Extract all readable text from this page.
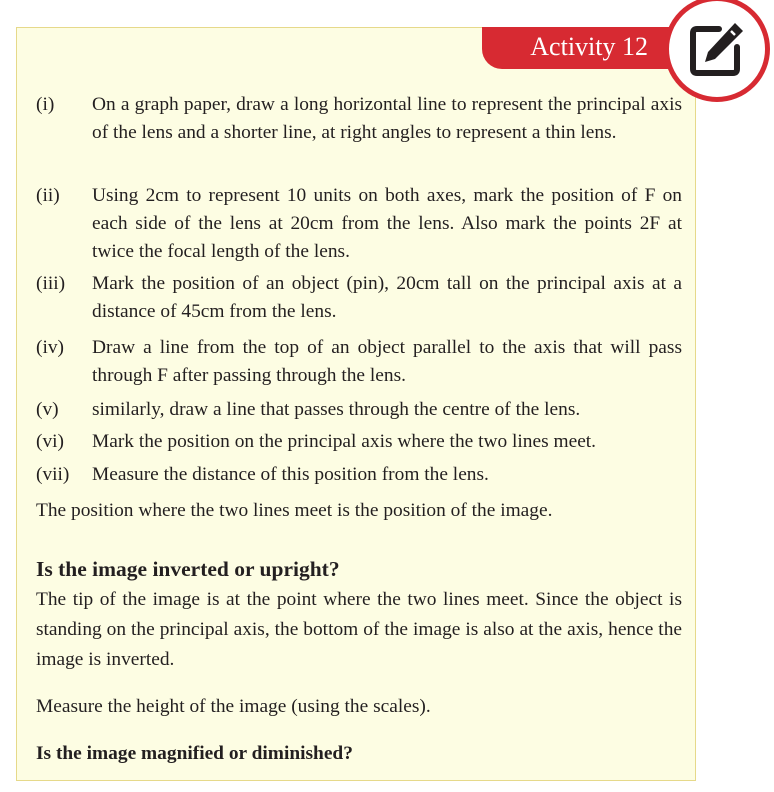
Activity 12
(i) On a graph paper, draw a long horizontal line to represent the principal axis of the lens and a shorter line, at right angles to represent a thin lens.
(ii) Using 2cm to represent 10 units on both axes, mark the position of F on each side of the lens at 20cm from the lens. Also mark the points 2F at twice the focal length of the lens.
(iii) Mark the position of an object (pin), 20cm tall on the principal axis at a distance of 45cm from the lens.
(iv) Draw a line from the top of an object parallel to the axis that will pass through F after passing through the lens.
(v) similarly, draw a line that passes through the centre of the lens.
(vi) Mark the position on the principal axis where the two lines meet.
(vii) Measure the distance of this position from the lens.
The position where the two lines meet is the position of the image.
Is the image inverted or upright?
The tip of the image is at the point where the two lines meet. Since the object is standing on the principal axis, the bottom of the image is also at the axis, hence the image is inverted.
Measure the height of the image (using the scales).
Is the image magnified or diminished?
